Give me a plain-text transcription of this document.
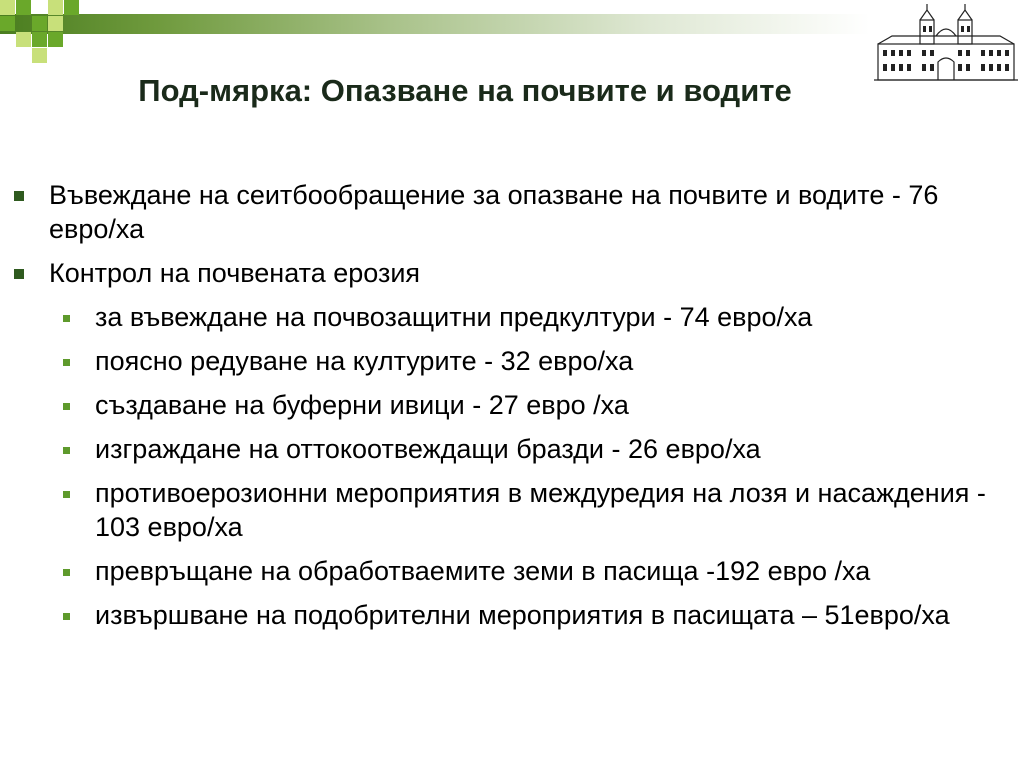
Под-мярка: Опазване на почвите и водите
Въвеждане на сеитбообращение за опазване на почвите и водите - 76 евро/ха
Контрол на почвената ерозия
за въвеждане на почвозащитни предкултури - 74 евро/ха
поясно редуване на културите - 32 евро/ха
създаване на буферни ивици - 27 евро /ха
изграждане на оттокоотвеждащи бразди - 26 евро/ха
противоерозионни мероприятия в междуредия на лозя и насаждения - 103 евро/ха
превръщане на обработваемите земи в пасища -192 евро /ха
извършване на подобрителни мероприятия в пасищата – 51евро/ха
